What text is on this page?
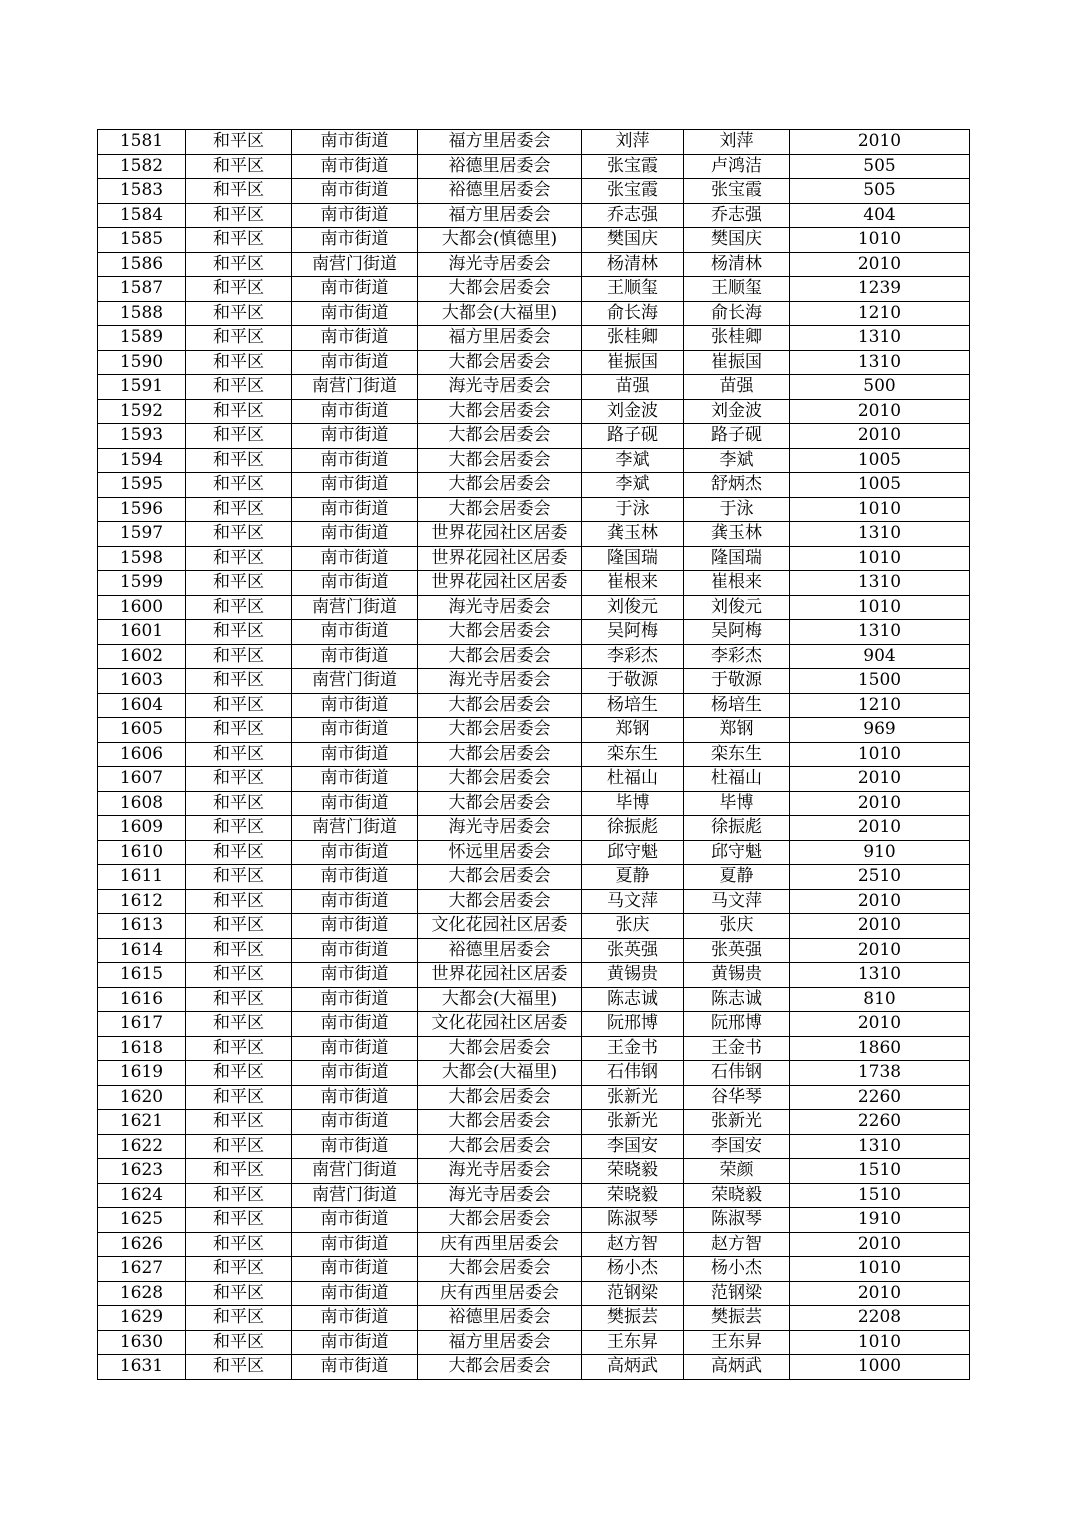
1581	和平区	南市街道	福方里居委会	刘萍	刘萍	2010
1582	和平区	南市街道	裕德里居委会	张宝霞	卢鸿洁	505
1583	和平区	南市街道	裕德里居委会	张宝霞	张宝霞	505
1584	和平区	南市街道	福方里居委会	乔志强	乔志强	404
1585	和平区	南市街道	大都会(慎德里)	樊国庆	樊国庆	1010
1586	和平区	南营门街道	海光寺居委会	杨清林	杨清林	2010
1587	和平区	南市街道	大都会居委会	王顺玺	王顺玺	1239
1588	和平区	南市街道	大都会(大福里)	俞长海	俞长海	1210
1589	和平区	南市街道	福方里居委会	张桂卿	张桂卿	1310
1590	和平区	南市街道	大都会居委会	崔振国	崔振国	1310
1591	和平区	南营门街道	海光寺居委会	苗强	苗强	500
1592	和平区	南市街道	大都会居委会	刘金波	刘金波	2010
1593	和平区	南市街道	大都会居委会	路子砚	路子砚	2010
1594	和平区	南市街道	大都会居委会	李斌	李斌	1005
1595	和平区	南市街道	大都会居委会	李斌	舒炳杰	1005
1596	和平区	南市街道	大都会居委会	于泳	于泳	1010
1597	和平区	南市街道	世界花园社区居委	龚玉林	龚玉林	1310
1598	和平区	南市街道	世界花园社区居委	隆国瑞	隆国瑞	1010
1599	和平区	南市街道	世界花园社区居委	崔根来	崔根来	1310
1600	和平区	南营门街道	海光寺居委会	刘俊元	刘俊元	1010
1601	和平区	南市街道	大都会居委会	吴阿梅	吴阿梅	1310
1602	和平区	南市街道	大都会居委会	李彩杰	李彩杰	904
1603	和平区	南营门街道	海光寺居委会	于敬源	于敬源	1500
1604	和平区	南市街道	大都会居委会	杨培生	杨培生	1210
1605	和平区	南市街道	大都会居委会	郑钢	郑钢	969
1606	和平区	南市街道	大都会居委会	栾东生	栾东生	1010
1607	和平区	南市街道	大都会居委会	杜福山	杜福山	2010
1608	和平区	南市街道	大都会居委会	毕博	毕博	2010
1609	和平区	南营门街道	海光寺居委会	徐振彪	徐振彪	2010
1610	和平区	南市街道	怀远里居委会	邱守魁	邱守魁	910
1611	和平区	南市街道	大都会居委会	夏静	夏静	2510
1612	和平区	南市街道	大都会居委会	马文萍	马文萍	2010
1613	和平区	南市街道	文化花园社区居委	张庆	张庆	2010
1614	和平区	南市街道	裕德里居委会	张英强	张英强	2010
1615	和平区	南市街道	世界花园社区居委	黄锡贵	黄锡贵	1310
1616	和平区	南市街道	大都会(大福里)	陈志诚	陈志诚	810
1617	和平区	南市街道	文化花园社区居委	阮邢博	阮邢博	2010
1618	和平区	南市街道	大都会居委会	王金书	王金书	1860
1619	和平区	南市街道	大都会(大福里)	石伟钢	石伟钢	1738
1620	和平区	南市街道	大都会居委会	张新光	谷华琴	2260
1621	和平区	南市街道	大都会居委会	张新光	张新光	2260
1622	和平区	南市街道	大都会居委会	李国安	李国安	1310
1623	和平区	南营门街道	海光寺居委会	荣晓毅	荣颜	1510
1624	和平区	南营门街道	海光寺居委会	荣晓毅	荣晓毅	1510
1625	和平区	南市街道	大都会居委会	陈淑琴	陈淑琴	1910
1626	和平区	南市街道	庆有西里居委会	赵方智	赵方智	2010
1627	和平区	南市街道	大都会居委会	杨小杰	杨小杰	1010
1628	和平区	南市街道	庆有西里居委会	范钢梁	范钢梁	2010
1629	和平区	南市街道	裕德里居委会	樊振芸	樊振芸	2208
1630	和平区	南市街道	福方里居委会	王东昇	王东昇	1010
1631	和平区	南市街道	大都会居委会	高炳武	高炳武	1000
